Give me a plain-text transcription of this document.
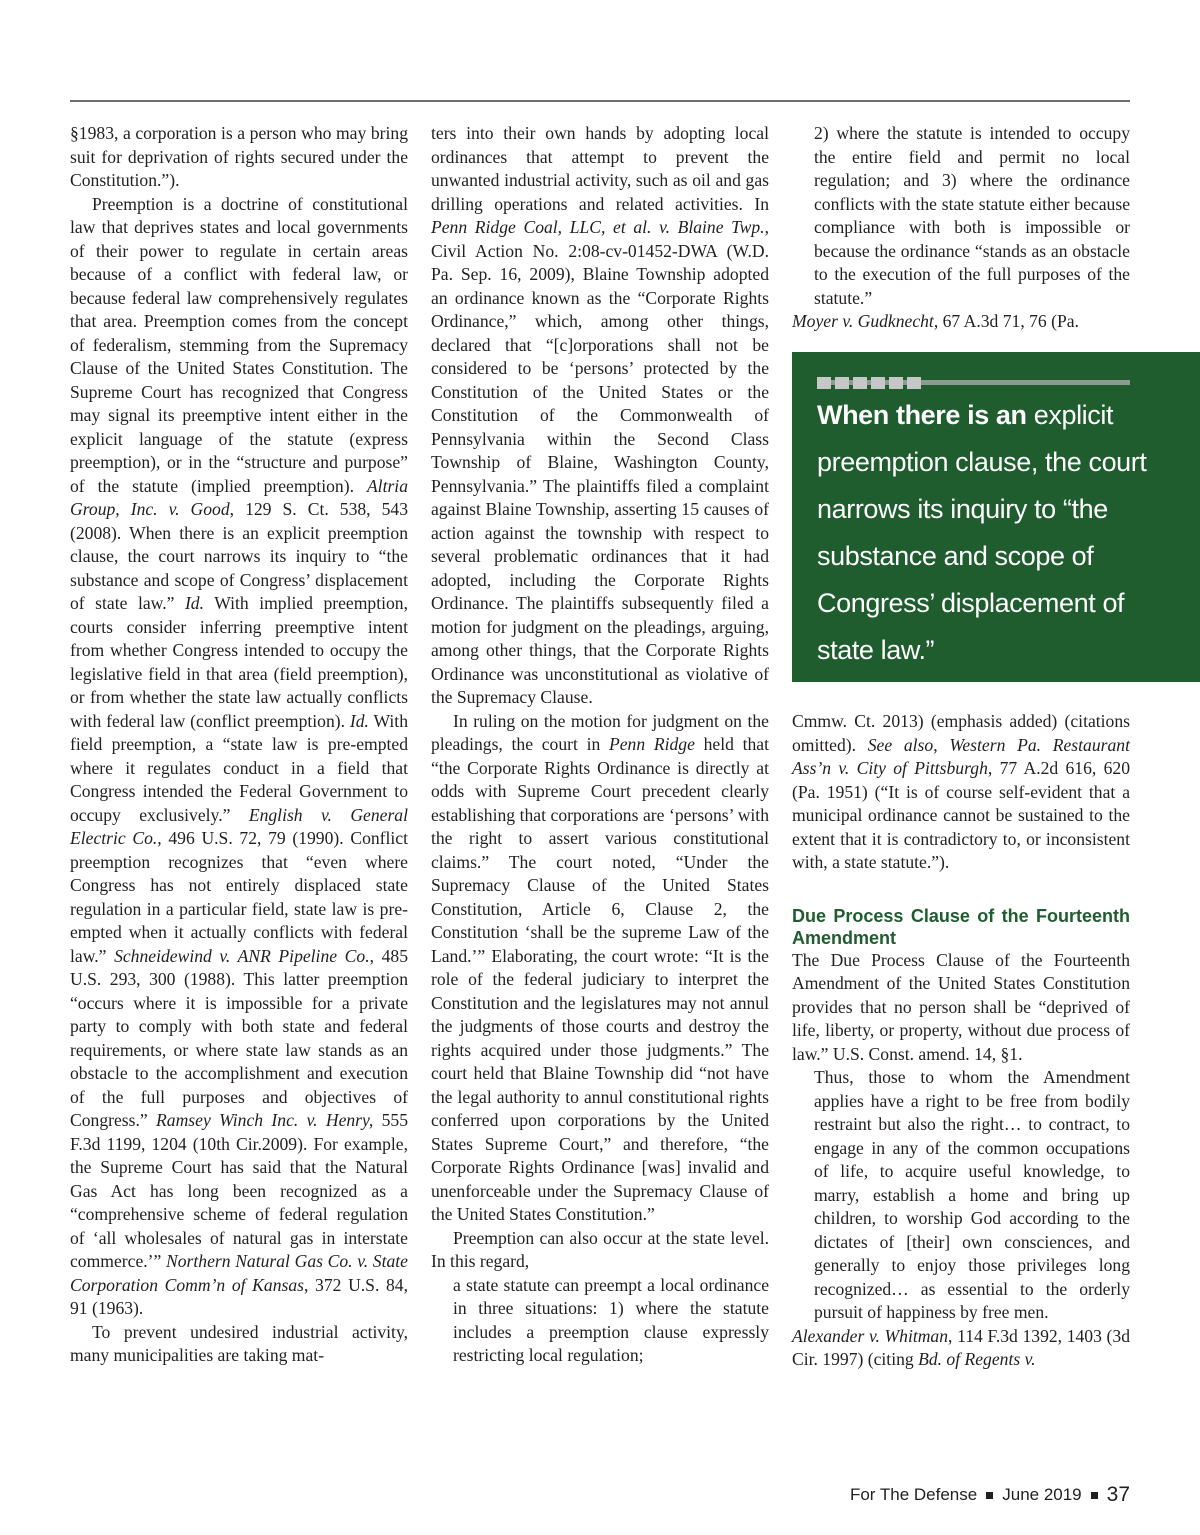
§1983, a corporation is a person who may bring suit for deprivation of rights secured under the Constitution.”).

Preemption is a doctrine of constitutional law that deprives states and local governments of their power to regulate in certain areas because of a conflict with federal law, or because federal law comprehensively regulates that area. Preemption comes from the concept of federalism, stemming from the Supremacy Clause of the United States Constitution. The Supreme Court has recognized that Congress may signal its preemptive intent either in the explicit language of the statute (express preemption), or in the “structure and purpose” of the statute (implied preemption). Altria Group, Inc. v. Good, 129 S. Ct. 538, 543 (2008). When there is an explicit preemption clause, the court narrows its inquiry to “the substance and scope of Congress’ displacement of state law.” Id. With implied preemption, courts consider inferring preemptive intent from whether Congress intended to occupy the legislative field in that area (field preemption), or from whether the state law actually conflicts with federal law (conflict preemption). Id. With field preemption, a “state law is pre-empted where it regulates conduct in a field that Congress intended the Federal Government to occupy exclusively.” English v. General Electric Co., 496 U.S. 72, 79 (1990). Conflict preemption recognizes that “even where Congress has not entirely displaced state regulation in a particular field, state law is pre-empted when it actually conflicts with federal law.” Schneidewind v. ANR Pipeline Co., 485 U.S. 293, 300 (1988). This latter preemption “occurs where it is impossible for a private party to comply with both state and federal requirements, or where state law stands as an obstacle to the accomplishment and execution of the full purposes and objectives of Congress.” Ramsey Winch Inc. v. Henry, 555 F.3d 1199, 1204 (10th Cir.2009). For example, the Supreme Court has said that the Natural Gas Act has long been recognized as a “comprehensive scheme of federal regulation of ‘all wholesales of natural gas in interstate commerce.’” Northern Natural Gas Co. v. State Corporation Comm’n of Kansas, 372 U.S. 84, 91 (1963).

To prevent undesired industrial activity, many municipalities are taking mat-

ters into their own hands by adopting local ordinances that attempt to prevent the unwanted industrial activity, such as oil and gas drilling operations and related activities. In Penn Ridge Coal, LLC, et al. v. Blaine Twp., Civil Action No. 2:08-cv-01452-DWA (W.D. Pa. Sep. 16, 2009), Blaine Township adopted an ordinance known as the “Corporate Rights Ordinance,” which, among other things, declared that “[c]orporations shall not be considered to be ‘persons’ protected by the Constitution of the United States or the Constitution of the Commonwealth of Pennsylvania within the Second Class Township of Blaine, Washington County, Pennsylvania.” The plaintiffs filed a complaint against Blaine Township, asserting 15 causes of action against the township with respect to several problematic ordinances that it had adopted, including the Corporate Rights Ordinance. The plaintiffs subsequently filed a motion for judgment on the pleadings, arguing, among other things, that the Corporate Rights Ordinance was unconstitutional as violative of the Supremacy Clause.

In ruling on the motion for judgment on the pleadings, the court in Penn Ridge held that “the Corporate Rights Ordinance is directly at odds with Supreme Court precedent clearly establishing that corporations are ‘persons’ with the right to assert various constitutional claims.” The court noted, “Under the Supremacy Clause of the United States Constitution, Article 6, Clause 2, the Constitution ‘shall be the supreme Law of the Land.’” Elaborating, the court wrote: “It is the role of the federal judiciary to interpret the Constitution and the legislatures may not annul the judgments of those courts and destroy the rights acquired under those judgments.” The court held that Blaine Township did “not have the legal authority to annul constitutional rights conferred upon corporations by the United States Supreme Court,” and therefore, “the Corporate Rights Ordinance [was] invalid and unenforceable under the Supremacy Clause of the United States Constitution.”

Preemption can also occur at the state level. In this regard,

a state statute can preempt a local ordinance in three situations: 1) where the statute includes a preemption clause expressly restricting local regulation;

2) where the statute is intended to occupy the entire field and permit no local regulation; and 3) where the ordinance conflicts with the state statute either because compliance with both is impossible or because the ordinance “stands as an obstacle to the execution of the full purposes of the statute.”

Moyer v. Gudknecht, 67 A.3d 71, 76 (Pa.

When there is an explicit preemption clause, the court narrows its inquiry to “the substance and scope of Congress’ displacement of state law.”

Cmmw. Ct. 2013) (emphasis added) (citations omitted). See also, Western Pa. Restaurant Ass’n v. City of Pittsburgh, 77 A.2d 616, 620 (Pa. 1951) (“It is of course self-evident that a municipal ordinance cannot be sustained to the extent that it is contradictory to, or inconsistent with, a state statute.”).

Due Process Clause of the Fourteenth Amendment

The Due Process Clause of the Fourteenth Amendment of the United States Constitution provides that no person shall be “deprived of life, liberty, or property, without due process of law.” U.S. Const. amend. 14, §1.

Thus, those to whom the Amendment applies have a right to be free from bodily restraint but also the right… to contract, to engage in any of the common occupations of life, to acquire useful knowledge, to marry, establish a home and bring up children, to worship God according to the dictates of [their] own consciences, and generally to enjoy those privileges long recognized… as essential to the orderly pursuit of happiness by free men.

Alexander v. Whitman, 114 F.3d 1392, 1403 (3d Cir. 1997) (citing Bd. of Regents v.

For The Defense June 2019 37
